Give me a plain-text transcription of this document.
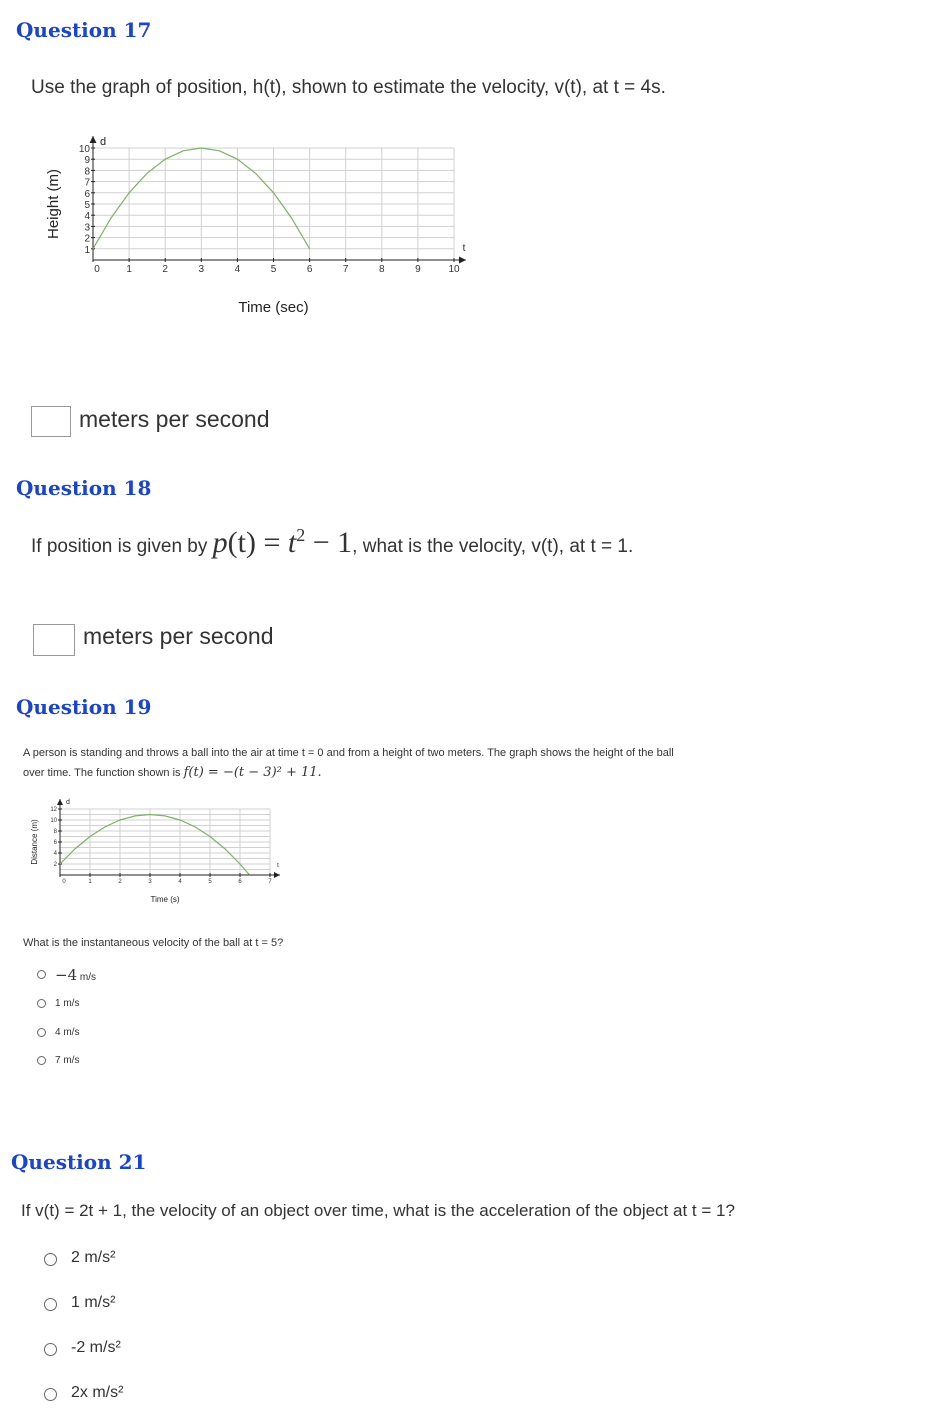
Question 17

Use the graph of position, h(t), shown to estimate the velocity, v(t), at t = 4s.

t
d
0	1	2	3	4	5	6	7	8	9	10
1
2
3
4
5
6
7
8
9
10
Time (sec)
Height (m)
meters per second
Question 18

If position is given by $p(t) = t^2 - 1$, what is the velocity, v(t), at t = 1.

meters per second
Question 19

A person is standing and throws a ball into the air at time t = 0 and from a height of two meters. The graph shows the height of the ball

over time. The function shown is f(t) = −(t − 3)² + 11.

t
d
0	1	2	3	4	5	6	7
2
4
6
8
10
12
Time (s)
Distance (m)

What is the instantaneous velocity of the ball at t = 5?

−4 m/s
1 m/s
4 m/s
7 m/s
Question 21

If v(t) = 2t + 1, the velocity of an object over time, what is the acceleration of the object at t = 1?

2 m/s²
1 m/s²
-2 m/s²
2x m/s²
